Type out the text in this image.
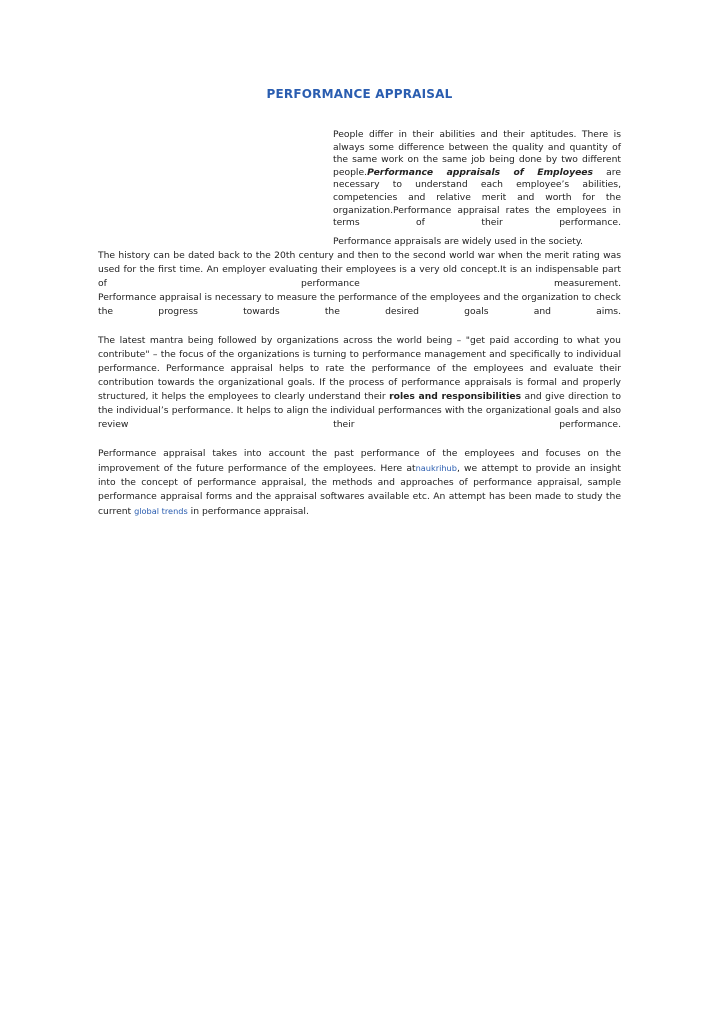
PERFORMANCE APPRAISAL

People differ in their abilities and their aptitudes. There is always some difference between the quality and quantity of the same work on the same job being done by two different people.Performance appraisals of Employees are necessary to understand each employee’s abilities, competencies and relative merit and worth for the organization.Performance appraisal rates the employees in terms of their performance.

Performance appraisals are widely used in the society.

The history can be dated back to the 20th century and then to the second world war when the merit rating was used for the first time. An employer evaluating their employees is a very old concept.It is an indispensable part of performance measurement.

Performance appraisal is necessary to measure the performance of the employees and the organization to check the progress towards the desired goals and aims.

The latest mantra being followed by organizations across the world being – "get paid according to what you contribute" – the focus of the organizations is turning to performance management and specifically to individual performance. Performance appraisal helps to rate the performance of the employees and evaluate their contribution towards the organizational goals. If the process of performance appraisals is formal and properly structured, it helps the employees to clearly understand their roles and responsibilities and give direction to the individual’s performance. It helps to align the individual performances with the organizational goals and also review their performance.

Performance appraisal takes into account the past performance of the employees and focuses on the improvement of the future performance of the employees. Here atnaukrihub, we attempt to provide an insight into the concept of performance appraisal, the methods and approaches of performance appraisal, sample performance appraisal forms and the appraisal softwares available etc. An attempt has been made to study the current global trends in performance appraisal.
